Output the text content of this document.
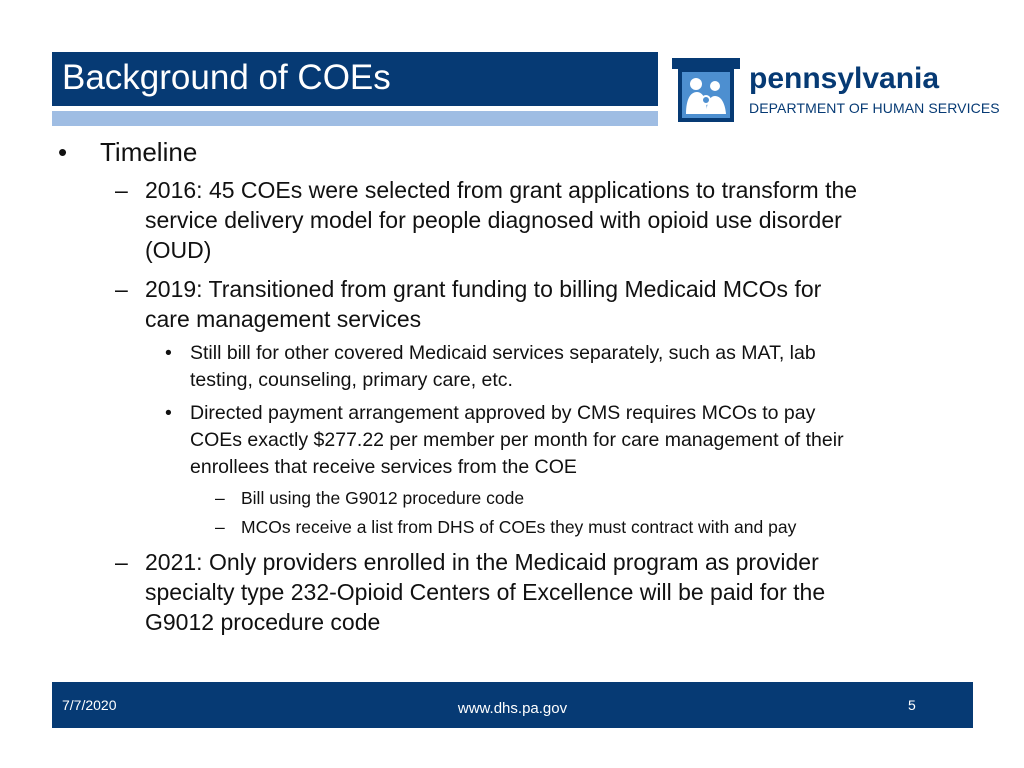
Background of COEs	pennsylvania
DEPARTMENT OF HUMAN SERVICES
• Timeline
– 2016: 45 COEs were selected from grant applications to transform the
service delivery model for people diagnosed with opioid use disorder
(OUD)
– 2019: Transitioned from grant funding to billing Medicaid MCOs for
care management services
• Still bill for other covered Medicaid services separately, such as MAT, lab
testing, counseling, primary care, etc.
• Directed payment arrangement approved by CMS requires MCOs to pay
COEs exactly $277.22 per member per month for care management of their
enrollees that receive services from the COE
– Bill using the G9012 procedure code
– MCOs receive a list from DHS of COEs they must contract with and pay
– 2021: Only providers enrolled in the Medicaid program as provider
specialty type 232-Opioid Centers of Excellence will be paid for the
G9012 procedure code
7/7/2020	www.dhs.pa.gov	5
